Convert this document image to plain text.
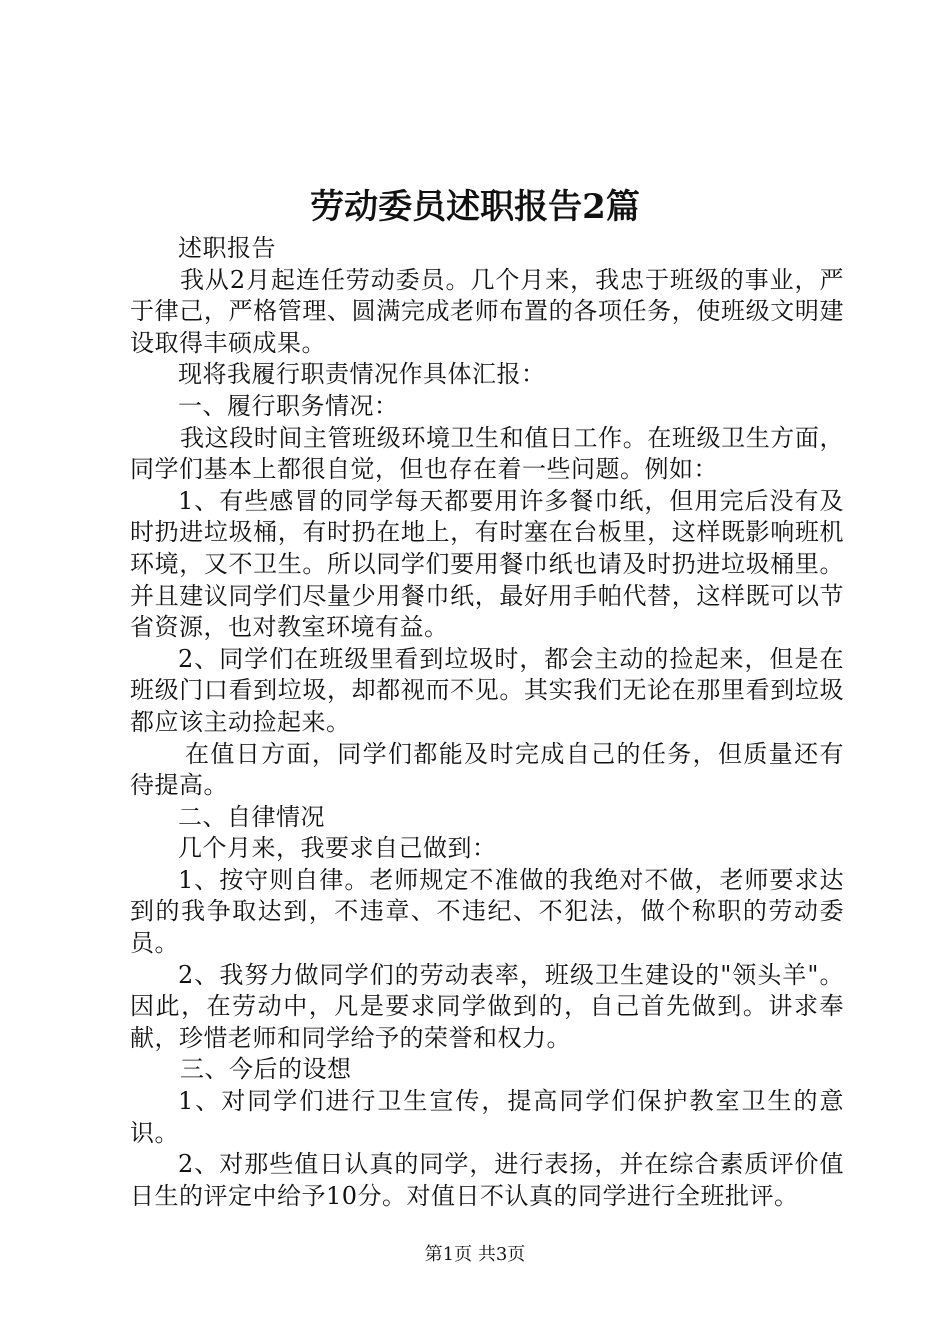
劳动委员述职报告2篇

述职报告

我从2月起连任劳动委员。几个月来，我忠于班级的事业，严于律己，严格管理、圆满完成老师布置的各项任务，使班级文明建设取得丰硕成果。

现将我履行职责情况作具体汇报：

一、履行职务情况：

我这段时间主管班级环境卫生和值日工作。在班级卫生方面，同学们基本上都很自觉，但也存在着一些问题。例如：

1、有些感冒的同学每天都要用许多餐巾纸，但用完后没有及时扔进垃圾桶，有时扔在地上，有时塞在台板里，这样既影响班机环境，又不卫生。所以同学们要用餐巾纸也请及时扔进垃圾桶里。并且建议同学们尽量少用餐巾纸，最好用手帕代替，这样既可以节省资源，也对教室环境有益。

2、同学们在班级里看到垃圾时，都会主动的捡起来，但是在班级门口看到垃圾，却都视而不见。其实我们无论在那里看到垃圾都应该主动捡起来。

在值日方面，同学们都能及时完成自己的任务，但质量还有待提高。

二、自律情况

几个月来，我要求自己做到：

1、按守则自律。老师规定不准做的我绝对不做，老师要求达到的我争取达到，不违章、不违纪、不犯法，做个称职的劳动委员。

2、我努力做同学们的劳动表率，班级卫生建设的"领头羊"。因此，在劳动中，凡是要求同学做到的，自己首先做到。讲求奉献，珍惜老师和同学给予的荣誉和权力。

三、今后的设想

1、对同学们进行卫生宣传，提高同学们保护教室卫生的意识。

2、对那些值日认真的同学，进行表扬，并在综合素质评价值日生的评定中给予10分。对值日不认真的同学进行全班批评。

第1页 共3页
